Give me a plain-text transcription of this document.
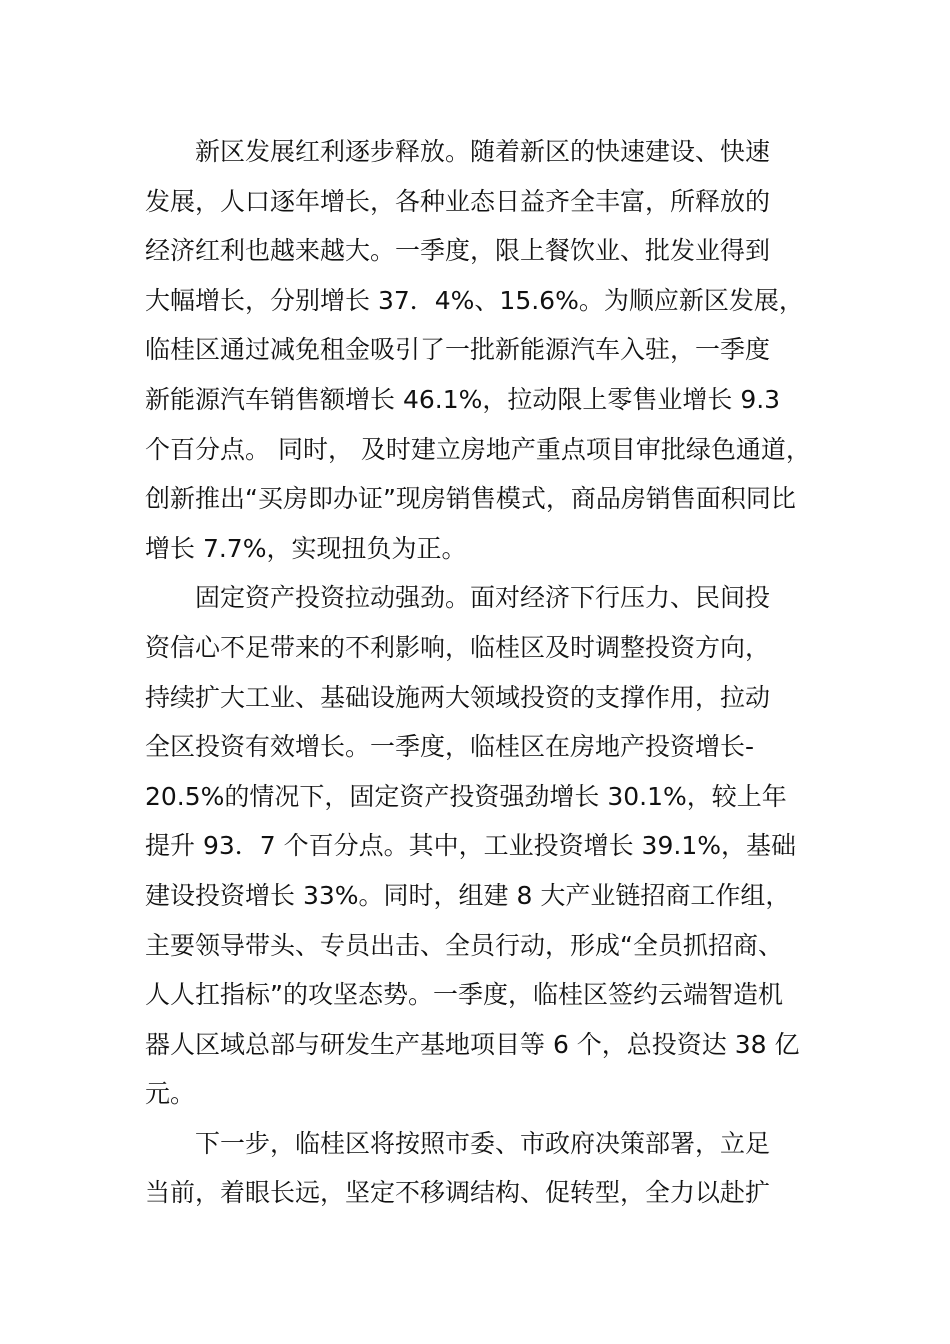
新区发展红利逐步释放。随着新区的快速建设、快速
发展，人口逐年增长，各种业态日益齐全丰富，所释放的
经济红利也越来越大。一季度，限上餐饮业、批发业得到
大幅增长，分别增长 37．4%、15.6%。为顺应新区发展，
临桂区通过减免租金吸引了一批新能源汽车入驻，一季度
新能源汽车销售额增长 46.1%，拉动限上零售业增长 9.3
个百分点。 同时， 及时建立房地产重点项目审批绿色通道，
创新推出“买房即办证”现房销售模式，商品房销售面积同比
增长 7.7%，实现扭负为正。
固定资产投资拉动强劲。面对经济下行压力、民间投
资信心不足带来的不利影响，临桂区及时调整投资方向，
持续扩大工业、基础设施两大领域投资的支撑作用，拉动
全区投资有效增长。一季度，临桂区在房地产投资增长-
20.5%的情况下，固定资产投资强劲增长 30.1%，较上年
提升 93．7 个百分点。其中，工业投资增长 39.1%，基础
建设投资增长 33%。同时，组建 8 大产业链招商工作组，
主要领导带头、专员出击、全员行动，形成“全员抓招商、
人人扛指标”的攻坚态势。一季度，临桂区签约云端智造机
器人区域总部与研发生产基地项目等 6 个，总投资达 38 亿
元。
下一步，临桂区将按照市委、市政府决策部署，立足
当前，着眼长远，坚定不移调结构、促转型，全力以赴扩
